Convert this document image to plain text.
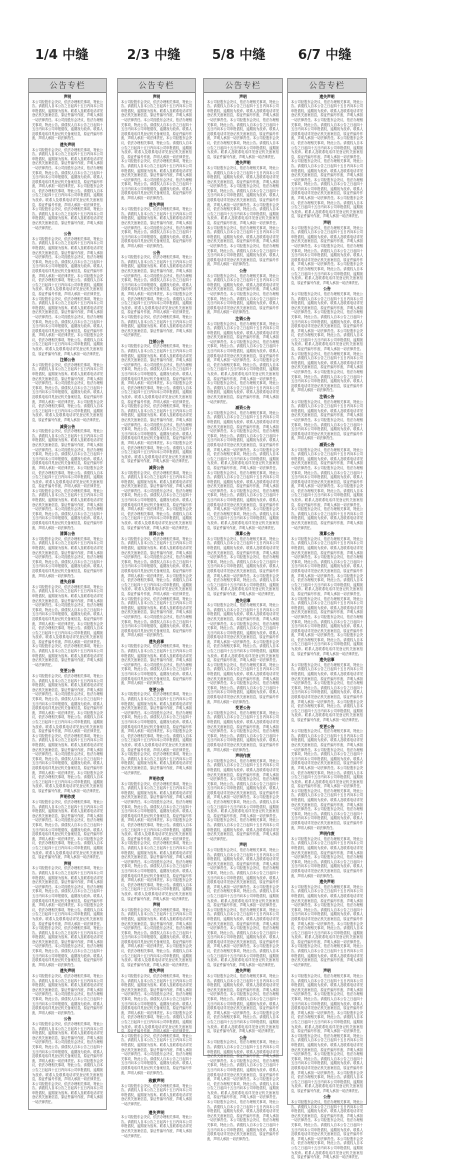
1/4 中缝	2/3 中缝 5/8 中缝	6/7 中缝
公告专栏
声明
本公司经股东会决议，依法办理相关事项，特此公告。请债权人自本公告之日起四十五日内向本公司申报债权，逾期视为放弃。联系人及联系电话详见登记机关备案信息，原证件编号作废，声明人承担一切法律责任。本公司经股东会决议，依法办理相关事项，特此公告。请债权人自本公告之日起四十五日内向本公司申报债权，逾期视为放弃。联系人及联系电话详见登记机关备案信息，原证件编号作废，声明人承担一切法律责任。
遗失声明
本公司经股东会决议，依法办理相关事项，特此公告。请债权人自本公告之日起四十五日内向本公司申报债权，逾期视为放弃。联系人及联系电话详见登记机关备案信息，原证件编号作废，声明人承担一切法律责任。本公司经股东会决议，依法办理相关事项，特此公告。请债权人自本公告之日起四十五日内向本公司申报债权，逾期视为放弃。联系人及联系电话详见登记机关备案信息，原证件编号作废，声明人承担一切法律责任。本公司经股东会决议，依法办理相关事项，特此公告。请债权人自本公告之日起四十五日内向本公司申报债权，逾期视为放弃。联系人及联系电话详见登记机关备案信息，原证件编号作废，声明人承担一切法律责任。本公司经股东会决议，依法办理相关事项，特此公告。请债权人自本公告之日起四十五日内向本公司申报债权，逾期视为放弃。联系人及联系电话详见登记机关备案信息，原证件编号作废，声明人承担一切法律责任。
公告
本公司经股东会决议，依法办理相关事项，特此公告。请债权人自本公告之日起四十五日内向本公司申报债权，逾期视为放弃。联系人及联系电话详见登记机关备案信息，原证件编号作废，声明人承担一切法律责任。本公司经股东会决议，依法办理相关事项，特此公告。请债权人自本公告之日起四十五日内向本公司申报债权，逾期视为放弃。联系人及联系电话详见登记机关备案信息，原证件编号作废，声明人承担一切法律责任。本公司经股东会决议，依法办理相关事项，特此公告。请债权人自本公告之日起四十五日内向本公司申报债权，逾期视为放弃。联系人及联系电话详见登记机关备案信息，原证件编号作废，声明人承担一切法律责任。本公司经股东会决议，依法办理相关事项，特此公告。请债权人自本公告之日起四十五日内向本公司申报债权，逾期视为放弃。联系人及联系电话详见登记机关备案信息，原证件编号作废，声明人承担一切法律责任。本公司经股东会决议，依法办理相关事项，特此公告。请债权人自本公告之日起四十五日内向本公司申报债权，逾期视为放弃。联系人及联系电话详见登记机关备案信息，原证件编号作废，声明人承担一切法律责任。本公司经股东会决议，依法办理相关事项，特此公告。请债权人自本公告之日起四十五日内向本公司申报债权，逾期视为放弃。联系人及联系电话详见登记机关备案信息，原证件编号作废，声明人承担一切法律责任。
注销公告
本公司经股东会决议，依法办理相关事项，特此公告。请债权人自本公告之日起四十五日内向本公司申报债权，逾期视为放弃。联系人及联系电话详见登记机关备案信息，原证件编号作废，声明人承担一切法律责任。本公司经股东会决议，依法办理相关事项，特此公告。请债权人自本公告之日起四十五日内向本公司申报债权，逾期视为放弃。联系人及联系电话详见登记机关备案信息，原证件编号作废，声明人承担一切法律责任。本公司经股东会决议，依法办理相关事项，特此公告。请债权人自本公告之日起四十五日内向本公司申报债权，逾期视为放弃。联系人及联系电话详见登记机关备案信息，原证件编号作废，声明人承担一切法律责任。
减资公告
本公司经股东会决议，依法办理相关事项，特此公告。请债权人自本公告之日起四十五日内向本公司申报债权，逾期视为放弃。联系人及联系电话详见登记机关备案信息，原证件编号作废，声明人承担一切法律责任。本公司经股东会决议，依法办理相关事项，特此公告。请债权人自本公告之日起四十五日内向本公司申报债权，逾期视为放弃。联系人及联系电话详见登记机关备案信息，原证件编号作废，声明人承担一切法律责任。本公司经股东会决议，依法办理相关事项，特此公告。请债权人自本公告之日起四十五日内向本公司申报债权，逾期视为放弃。联系人及联系电话详见登记机关备案信息，原证件编号作废，声明人承担一切法律责任。本公司经股东会决议，依法办理相关事项，特此公告。请债权人自本公告之日起四十五日内向本公司申报债权，逾期视为放弃。联系人及联系电话详见登记机关备案信息，原证件编号作废，声明人承担一切法律责任。本公司经股东会决议，依法办理相关事项，特此公告。请债权人自本公告之日起四十五日内向本公司申报债权，逾期视为放弃。联系人及联系电话详见登记机关备案信息，原证件编号作废，声明人承担一切法律责任。
清算公告
本公司经股东会决议，依法办理相关事项，特此公告。请债权人自本公告之日起四十五日内向本公司申报债权，逾期视为放弃。联系人及联系电话详见登记机关备案信息，原证件编号作废，声明人承担一切法律责任。本公司经股东会决议，依法办理相关事项，特此公告。请债权人自本公告之日起四十五日内向本公司申报债权，逾期视为放弃。联系人及联系电话详见登记机关备案信息，原证件编号作废，声明人承担一切法律责任。
遗失启事
本公司经股东会决议，依法办理相关事项，特此公告。请债权人自本公告之日起四十五日内向本公司申报债权，逾期视为放弃。联系人及联系电话详见登记机关备案信息，原证件编号作废，声明人承担一切法律责任。本公司经股东会决议，依法办理相关事项，特此公告。请债权人自本公告之日起四十五日内向本公司申报债权，逾期视为放弃。联系人及联系电话详见登记机关备案信息，原证件编号作废，声明人承担一切法律责任。本公司经股东会决议，依法办理相关事项，特此公告。请债权人自本公告之日起四十五日内向本公司申报债权，逾期视为放弃。联系人及联系电话详见登记机关备案信息，原证件编号作废，声明人承担一切法律责任。本公司经股东会决议，依法办理相关事项，特此公告。请债权人自本公告之日起四十五日内向本公司申报债权，逾期视为放弃。联系人及联系电话详见登记机关备案信息，原证件编号作废，声明人承担一切法律责任。
变更公告
本公司经股东会决议，依法办理相关事项，特此公告。请债权人自本公告之日起四十五日内向本公司申报债权，逾期视为放弃。联系人及联系电话详见登记机关备案信息，原证件编号作废，声明人承担一切法律责任。本公司经股东会决议，依法办理相关事项，特此公告。请债权人自本公告之日起四十五日内向本公司申报债权，逾期视为放弃。联系人及联系电话详见登记机关备案信息，原证件编号作废，声明人承担一切法律责任。本公司经股东会决议，依法办理相关事项，特此公告。请债权人自本公告之日起四十五日内向本公司申报债权，逾期视为放弃。联系人及联系电话详见登记机关备案信息，原证件编号作废，声明人承担一切法律责任。本公司经股东会决议，依法办理相关事项，特此公告。请债权人自本公告之日起四十五日内向本公司申报债权，逾期视为放弃。联系人及联系电话详见登记机关备案信息，原证件编号作废，声明人承担一切法律责任。本公司经股东会决议，依法办理相关事项，特此公告。请债权人自本公告之日起四十五日内向本公司申报债权，逾期视为放弃。联系人及联系电话详见登记机关备案信息，原证件编号作废，声明人承担一切法律责任。本公司经股东会决议，依法办理相关事项，特此公告。请债权人自本公告之日起四十五日内向本公司申报债权，逾期视为放弃。联系人及联系电话详见登记机关备案信息，原证件编号作废，声明人承担一切法律责任。
声明作废
本公司经股东会决议，依法办理相关事项，特此公告。请债权人自本公告之日起四十五日内向本公司申报债权，逾期视为放弃。联系人及联系电话详见登记机关备案信息，原证件编号作废，声明人承担一切法律责任。本公司经股东会决议，依法办理相关事项，特此公告。请债权人自本公告之日起四十五日内向本公司申报债权，逾期视为放弃。联系人及联系电话详见登记机关备案信息，原证件编号作废，声明人承担一切法律责任。本公司经股东会决议，依法办理相关事项，特此公告。请债权人自本公告之日起四十五日内向本公司申报债权，逾期视为放弃。联系人及联系电话详见登记机关备案信息，原证件编号作废，声明人承担一切法律责任。
声明
本公司经股东会决议，依法办理相关事项，特此公告。请债权人自本公告之日起四十五日内向本公司申报债权，逾期视为放弃。联系人及联系电话详见登记机关备案信息，原证件编号作废，声明人承担一切法律责任。本公司经股东会决议，依法办理相关事项，特此公告。请债权人自本公告之日起四十五日内向本公司申报债权，逾期视为放弃。联系人及联系电话详见登记机关备案信息，原证件编号作废，声明人承担一切法律责任。本公司经股东会决议，依法办理相关事项，特此公告。请债权人自本公告之日起四十五日内向本公司申报债权，逾期视为放弃。联系人及联系电话详见登记机关备案信息，原证件编号作废，声明人承担一切法律责任。本公司经股东会决议，依法办理相关事项，特此公告。请债权人自本公告之日起四十五日内向本公司申报债权，逾期视为放弃。联系人及联系电话详见登记机关备案信息，原证件编号作废，声明人承担一切法律责任。本公司经股东会决议，依法办理相关事项，特此公告。请债权人自本公告之日起四十五日内向本公司申报债权，逾期视为放弃。联系人及联系电话详见登记机关备案信息，原证件编号作废，声明人承担一切法律责任。
遗失声明
本公司经股东会决议，依法办理相关事项，特此公告。请债权人自本公告之日起四十五日内向本公司申报债权，逾期视为放弃。联系人及联系电话详见登记机关备案信息，原证件编号作废，声明人承担一切法律责任。本公司经股东会决议，依法办理相关事项，特此公告。请债权人自本公告之日起四十五日内向本公司申报债权，逾期视为放弃。联系人及联系电话详见登记机关备案信息，原证件编号作废，声明人承担一切法律责任。
公告
本公司经股东会决议，依法办理相关事项，特此公告。请债权人自本公告之日起四十五日内向本公司申报债权，逾期视为放弃。联系人及联系电话详见登记机关备案信息，原证件编号作废，声明人承担一切法律责任。本公司经股东会决议，依法办理相关事项，特此公告。请债权人自本公告之日起四十五日内向本公司申报债权，逾期视为放弃。联系人及联系电话详见登记机关备案信息，原证件编号作废，声明人承担一切法律责任。本公司经股东会决议，依法办理相关事项，特此公告。请债权人自本公告之日起四十五日内向本公司申报债权，逾期视为放弃。联系人及联系电话详见登记机关备案信息，原证件编号作废，声明人承担一切法律责任。本公司经股东会决议，依法办理相关事项，特此公告。请债权人自本公告之日起四十五日内向本公司申报债权，逾期视为放弃。联系人及联系电话详见登记机关备案信息，原证件编号作废，声明人承担一切法律责任。
公告专栏
声明
本公司经股东会决议，依法办理相关事项，特此公告。请债权人自本公告之日起四十五日内向本公司申报债权，逾期视为放弃。联系人及联系电话详见登记机关备案信息，原证件编号作废，声明人承担一切法律责任。本公司经股东会决议，依法办理相关事项，特此公告。请债权人自本公告之日起四十五日内向本公司申报债权，逾期视为放弃。联系人及联系电话详见登记机关备案信息，原证件编号作废，声明人承担一切法律责任。本公司经股东会决议，依法办理相关事项，特此公告。请债权人自本公告之日起四十五日内向本公司申报债权，逾期视为放弃。联系人及联系电话详见登记机关备案信息，原证件编号作废，声明人承担一切法律责任。本公司经股东会决议，依法办理相关事项，特此公告。请债权人自本公告之日起四十五日内向本公司申报债权，逾期视为放弃。联系人及联系电话详见登记机关备案信息，原证件编号作废，声明人承担一切法律责任。本公司经股东会决议，依法办理相关事项，特此公告。请债权人自本公告之日起四十五日内向本公司申报债权，逾期视为放弃。联系人及联系电话详见登记机关备案信息，原证件编号作废，声明人承担一切法律责任。
遗失声明
本公司经股东会决议，依法办理相关事项，特此公告。请债权人自本公告之日起四十五日内向本公司申报债权，逾期视为放弃。联系人及联系电话详见登记机关备案信息，原证件编号作废，声明人承担一切法律责任。本公司经股东会决议，依法办理相关事项，特此公告。请债权人自本公告之日起四十五日内向本公司申报债权，逾期视为放弃。联系人及联系电话详见登记机关备案信息，原证件编号作废，声明人承担一切法律责任。
公告
本公司经股东会决议，依法办理相关事项，特此公告。请债权人自本公告之日起四十五日内向本公司申报债权，逾期视为放弃。联系人及联系电话详见登记机关备案信息，原证件编号作废，声明人承担一切法律责任。本公司经股东会决议，依法办理相关事项，特此公告。请债权人自本公告之日起四十五日内向本公司申报债权，逾期视为放弃。联系人及联系电话详见登记机关备案信息，原证件编号作废，声明人承担一切法律责任。本公司经股东会决议，依法办理相关事项，特此公告。请债权人自本公告之日起四十五日内向本公司申报债权，逾期视为放弃。联系人及联系电话详见登记机关备案信息，原证件编号作废，声明人承担一切法律责任。本公司经股东会决议，依法办理相关事项，特此公告。请债权人自本公告之日起四十五日内向本公司申报债权，逾期视为放弃。联系人及联系电话详见登记机关备案信息，原证件编号作废，声明人承担一切法律责任。
注销公告
本公司经股东会决议，依法办理相关事项，特此公告。请债权人自本公告之日起四十五日内向本公司申报债权，逾期视为放弃。联系人及联系电话详见登记机关备案信息，原证件编号作废，声明人承担一切法律责任。本公司经股东会决议，依法办理相关事项，特此公告。请债权人自本公告之日起四十五日内向本公司申报债权，逾期视为放弃。联系人及联系电话详见登记机关备案信息，原证件编号作废，声明人承担一切法律责任。本公司经股东会决议，依法办理相关事项，特此公告。请债权人自本公告之日起四十五日内向本公司申报债权，逾期视为放弃。联系人及联系电话详见登记机关备案信息，原证件编号作废，声明人承担一切法律责任。本公司经股东会决议，依法办理相关事项，特此公告。请债权人自本公告之日起四十五日内向本公司申报债权，逾期视为放弃。联系人及联系电话详见登记机关备案信息，原证件编号作废，声明人承担一切法律责任。本公司经股东会决议，依法办理相关事项，特此公告。请债权人自本公告之日起四十五日内向本公司申报债权，逾期视为放弃。联系人及联系电话详见登记机关备案信息，原证件编号作废，声明人承担一切法律责任。本公司经股东会决议，依法办理相关事项，特此公告。请债权人自本公告之日起四十五日内向本公司申报债权，逾期视为放弃。联系人及联系电话详见登记机关备案信息，原证件编号作废，声明人承担一切法律责任。
减资公告
本公司经股东会决议，依法办理相关事项，特此公告。请债权人自本公告之日起四十五日内向本公司申报债权，逾期视为放弃。联系人及联系电话详见登记机关备案信息，原证件编号作废，声明人承担一切法律责任。本公司经股东会决议，依法办理相关事项，特此公告。请债权人自本公告之日起四十五日内向本公司申报债权，逾期视为放弃。联系人及联系电话详见登记机关备案信息，原证件编号作废，声明人承担一切法律责任。本公司经股东会决议，依法办理相关事项，特此公告。请债权人自本公告之日起四十五日内向本公司申报债权，逾期视为放弃。联系人及联系电话详见登记机关备案信息，原证件编号作废，声明人承担一切法律责任。
清算公告
本公司经股东会决议，依法办理相关事项，特此公告。请债权人自本公告之日起四十五日内向本公司申报债权，逾期视为放弃。联系人及联系电话详见登记机关备案信息，原证件编号作废，声明人承担一切法律责任。本公司经股东会决议，依法办理相关事项，特此公告。请债权人自本公告之日起四十五日内向本公司申报债权，逾期视为放弃。联系人及联系电话详见登记机关备案信息，原证件编号作废，声明人承担一切法律责任。本公司经股东会决议，依法办理相关事项，特此公告。请债权人自本公告之日起四十五日内向本公司申报债权，逾期视为放弃。联系人及联系电话详见登记机关备案信息，原证件编号作废，声明人承担一切法律责任。本公司经股东会决议，依法办理相关事项，特此公告。请债权人自本公告之日起四十五日内向本公司申报债权，逾期视为放弃。联系人及联系电话详见登记机关备案信息，原证件编号作废，声明人承担一切法律责任。本公司经股东会决议，依法办理相关事项，特此公告。请债权人自本公告之日起四十五日内向本公司申报债权，逾期视为放弃。联系人及联系电话详见登记机关备案信息，原证件编号作废，声明人承担一切法律责任。
遗失启事
本公司经股东会决议，依法办理相关事项，特此公告。请债权人自本公告之日起四十五日内向本公司申报债权，逾期视为放弃。联系人及联系电话详见登记机关备案信息，原证件编号作废，声明人承担一切法律责任。本公司经股东会决议，依法办理相关事项，特此公告。请债权人自本公告之日起四十五日内向本公司申报债权，逾期视为放弃。联系人及联系电话详见登记机关备案信息，原证件编号作废，声明人承担一切法律责任。
变更公告
本公司经股东会决议，依法办理相关事项，特此公告。请债权人自本公告之日起四十五日内向本公司申报债权，逾期视为放弃。联系人及联系电话详见登记机关备案信息，原证件编号作废，声明人承担一切法律责任。本公司经股东会决议，依法办理相关事项，特此公告。请债权人自本公告之日起四十五日内向本公司申报债权，逾期视为放弃。联系人及联系电话详见登记机关备案信息，原证件编号作废，声明人承担一切法律责任。本公司经股东会决议，依法办理相关事项，特此公告。请债权人自本公告之日起四十五日内向本公司申报债权，逾期视为放弃。联系人及联系电话详见登记机关备案信息，原证件编号作废，声明人承担一切法律责任。本公司经股东会决议，依法办理相关事项，特此公告。请债权人自本公告之日起四十五日内向本公司申报债权，逾期视为放弃。联系人及联系电话详见登记机关备案信息，原证件编号作废，声明人承担一切法律责任。
声明作废
本公司经股东会决议，依法办理相关事项，特此公告。请债权人自本公告之日起四十五日内向本公司申报债权，逾期视为放弃。联系人及联系电话详见登记机关备案信息，原证件编号作废，声明人承担一切法律责任。本公司经股东会决议，依法办理相关事项，特此公告。请债权人自本公告之日起四十五日内向本公司申报债权，逾期视为放弃。联系人及联系电话详见登记机关备案信息，原证件编号作废，声明人承担一切法律责任。本公司经股东会决议，依法办理相关事项，特此公告。请债权人自本公告之日起四十五日内向本公司申报债权，逾期视为放弃。联系人及联系电话详见登记机关备案信息，原证件编号作废，声明人承担一切法律责任。本公司经股东会决议，依法办理相关事项，特此公告。请债权人自本公告之日起四十五日内向本公司申报债权，逾期视为放弃。联系人及联系电话详见登记机关备案信息，原证件编号作废，声明人承担一切法律责任。本公司经股东会决议，依法办理相关事项，特此公告。请债权人自本公告之日起四十五日内向本公司申报债权，逾期视为放弃。联系人及联系电话详见登记机关备案信息，原证件编号作废，声明人承担一切法律责任。本公司经股东会决议，依法办理相关事项，特此公告。请债权人自本公告之日起四十五日内向本公司申报债权，逾期视为放弃。联系人及联系电话详见登记机关备案信息，原证件编号作废，声明人承担一切法律责任。
声明
本公司经股东会决议，依法办理相关事项，特此公告。请债权人自本公告之日起四十五日内向本公司申报债权，逾期视为放弃。联系人及联系电话详见登记机关备案信息，原证件编号作废，声明人承担一切法律责任。本公司经股东会决议，依法办理相关事项，特此公告。请债权人自本公告之日起四十五日内向本公司申报债权，逾期视为放弃。联系人及联系电话详见登记机关备案信息，原证件编号作废，声明人承担一切法律责任。本公司经股东会决议，依法办理相关事项，特此公告。请债权人自本公告之日起四十五日内向本公司申报债权，逾期视为放弃。联系人及联系电话详见登记机关备案信息，原证件编号作废，声明人承担一切法律责任。
遗失声明
本公司经股东会决议，依法办理相关事项，特此公告。请债权人自本公告之日起四十五日内向本公司申报债权，逾期视为放弃。联系人及联系电话详见登记机关备案信息，原证件编号作废，声明人承担一切法律责任。本公司经股东会决议，依法办理相关事项，特此公告。请债权人自本公告之日起四十五日内向本公司申报债权，逾期视为放弃。联系人及联系电话详见登记机关备案信息，原证件编号作废，声明人承担一切法律责任。本公司经股东会决议，依法办理相关事项，特此公告。请债权人自本公告之日起四十五日内向本公司申报债权，逾期视为放弃。联系人及联系电话详见登记机关备案信息，原证件编号作废，声明人承担一切法律责任。本公司经股东会决议，依法办理相关事项，特此公告。请债权人自本公告之日起四十五日内向本公司申报债权，逾期视为放弃。联系人及联系电话详见登记机关备案信息，原证件编号作废，声明人承担一切法律责任。本公司经股东会决议，依法办理相关事项，特此公告。请债权人自本公告之日起四十五日内向本公司申报债权，逾期视为放弃。联系人及联系电话详见登记机关备案信息，原证件编号作废，声明人承担一切法律责任。
致歉声明
本公司经股东会决议，依法办理相关事项，特此公告。请债权人自本公告之日起四十五日内向本公司申报债权，逾期视为放弃。联系人及联系电话详见登记机关备案信息，原证件编号作废，声明人承担一切法律责任。
遗失声明
本公司经股东会决议，依法办理相关事项，特此公告。请债权人自本公告之日起四十五日内向本公司申报债权，逾期视为放弃。联系人及联系电话详见登记机关备案信息，原证件编号作废，声明人承担一切法律责任。
公告专栏
声明
本公司经股东会决议，依法办理相关事项，特此公告。请债权人自本公告之日起四十五日内向本公司申报债权，逾期视为放弃。联系人及联系电话详见登记机关备案信息，原证件编号作废，声明人承担一切法律责任。本公司经股东会决议，依法办理相关事项，特此公告。请债权人自本公告之日起四十五日内向本公司申报债权，逾期视为放弃。联系人及联系电话详见登记机关备案信息，原证件编号作废，声明人承担一切法律责任。本公司经股东会决议，依法办理相关事项，特此公告。请债权人自本公告之日起四十五日内向本公司申报债权，逾期视为放弃。联系人及联系电话详见登记机关备案信息，原证件编号作废，声明人承担一切法律责任。
遗失声明
本公司经股东会决议，依法办理相关事项，特此公告。请债权人自本公告之日起四十五日内向本公司申报债权，逾期视为放弃。联系人及联系电话详见登记机关备案信息，原证件编号作废，声明人承担一切法律责任。本公司经股东会决议，依法办理相关事项，特此公告。请债权人自本公告之日起四十五日内向本公司申报债权，逾期视为放弃。联系人及联系电话详见登记机关备案信息，原证件编号作废，声明人承担一切法律责任。本公司经股东会决议，依法办理相关事项，特此公告。请债权人自本公告之日起四十五日内向本公司申报债权，逾期视为放弃。联系人及联系电话详见登记机关备案信息，原证件编号作废，声明人承担一切法律责任。本公司经股东会决议，依法办理相关事项，特此公告。请债权人自本公告之日起四十五日内向本公司申报债权，逾期视为放弃。联系人及联系电话详见登记机关备案信息，原证件编号作废，声明人承担一切法律责任。本公司经股东会决议，依法办理相关事项，特此公告。请债权人自本公告之日起四十五日内向本公司申报债权，逾期视为放弃。联系人及联系电话详见登记机关备案信息，原证件编号作废，声明人承担一切法律责任。
公告
本公司经股东会决议，依法办理相关事项，特此公告。请债权人自本公告之日起四十五日内向本公司申报债权，逾期视为放弃。联系人及联系电话详见登记机关备案信息，原证件编号作废，声明人承担一切法律责任。本公司经股东会决议，依法办理相关事项，特此公告。请债权人自本公告之日起四十五日内向本公司申报债权，逾期视为放弃。联系人及联系电话详见登记机关备案信息，原证件编号作废，声明人承担一切法律责任。
注销公告
本公司经股东会决议，依法办理相关事项，特此公告。请债权人自本公告之日起四十五日内向本公司申报债权，逾期视为放弃。联系人及联系电话详见登记机关备案信息，原证件编号作废，声明人承担一切法律责任。本公司经股东会决议，依法办理相关事项，特此公告。请债权人自本公告之日起四十五日内向本公司申报债权，逾期视为放弃。联系人及联系电话详见登记机关备案信息，原证件编号作废，声明人承担一切法律责任。本公司经股东会决议，依法办理相关事项，特此公告。请债权人自本公告之日起四十五日内向本公司申报债权，逾期视为放弃。联系人及联系电话详见登记机关备案信息，原证件编号作废，声明人承担一切法律责任。本公司经股东会决议，依法办理相关事项，特此公告。请债权人自本公告之日起四十五日内向本公司申报债权，逾期视为放弃。联系人及联系电话详见登记机关备案信息，原证件编号作废，声明人承担一切法律责任。
减资公告
本公司经股东会决议，依法办理相关事项，特此公告。请债权人自本公告之日起四十五日内向本公司申报债权，逾期视为放弃。联系人及联系电话详见登记机关备案信息，原证件编号作废，声明人承担一切法律责任。本公司经股东会决议，依法办理相关事项，特此公告。请债权人自本公告之日起四十五日内向本公司申报债权，逾期视为放弃。联系人及联系电话详见登记机关备案信息，原证件编号作废，声明人承担一切法律责任。本公司经股东会决议，依法办理相关事项，特此公告。请债权人自本公告之日起四十五日内向本公司申报债权，逾期视为放弃。联系人及联系电话详见登记机关备案信息，原证件编号作废，声明人承担一切法律责任。本公司经股东会决议，依法办理相关事项，特此公告。请债权人自本公告之日起四十五日内向本公司申报债权，逾期视为放弃。联系人及联系电话详见登记机关备案信息，原证件编号作废，声明人承担一切法律责任。本公司经股东会决议，依法办理相关事项，特此公告。请债权人自本公告之日起四十五日内向本公司申报债权，逾期视为放弃。联系人及联系电话详见登记机关备案信息，原证件编号作废，声明人承担一切法律责任。本公司经股东会决议，依法办理相关事项，特此公告。请债权人自本公告之日起四十五日内向本公司申报债权，逾期视为放弃。联系人及联系电话详见登记机关备案信息，原证件编号作废，声明人承担一切法律责任。
清算公告
本公司经股东会决议，依法办理相关事项，特此公告。请债权人自本公告之日起四十五日内向本公司申报债权，逾期视为放弃。联系人及联系电话详见登记机关备案信息，原证件编号作废，声明人承担一切法律责任。本公司经股东会决议，依法办理相关事项，特此公告。请债权人自本公告之日起四十五日内向本公司申报债权，逾期视为放弃。联系人及联系电话详见登记机关备案信息，原证件编号作废，声明人承担一切法律责任。本公司经股东会决议，依法办理相关事项，特此公告。请债权人自本公告之日起四十五日内向本公司申报债权，逾期视为放弃。联系人及联系电话详见登记机关备案信息，原证件编号作废，声明人承担一切法律责任。
遗失启事
本公司经股东会决议，依法办理相关事项，特此公告。请债权人自本公告之日起四十五日内向本公司申报债权，逾期视为放弃。联系人及联系电话详见登记机关备案信息，原证件编号作废，声明人承担一切法律责任。本公司经股东会决议，依法办理相关事项，特此公告。请债权人自本公告之日起四十五日内向本公司申报债权，逾期视为放弃。联系人及联系电话详见登记机关备案信息，原证件编号作废，声明人承担一切法律责任。本公司经股东会决议，依法办理相关事项，特此公告。请债权人自本公告之日起四十五日内向本公司申报债权，逾期视为放弃。联系人及联系电话详见登记机关备案信息，原证件编号作废，声明人承担一切法律责任。本公司经股东会决议，依法办理相关事项，特此公告。请债权人自本公告之日起四十五日内向本公司申报债权，逾期视为放弃。联系人及联系电话详见登记机关备案信息，原证件编号作废，声明人承担一切法律责任。本公司经股东会决议，依法办理相关事项，特此公告。请债权人自本公告之日起四十五日内向本公司申报债权，逾期视为放弃。联系人及联系电话详见登记机关备案信息，原证件编号作废，声明人承担一切法律责任。
变更公告
本公司经股东会决议，依法办理相关事项，特此公告。请债权人自本公告之日起四十五日内向本公司申报债权，逾期视为放弃。联系人及联系电话详见登记机关备案信息，原证件编号作废，声明人承担一切法律责任。本公司经股东会决议，依法办理相关事项，特此公告。请债权人自本公告之日起四十五日内向本公司申报债权，逾期视为放弃。联系人及联系电话详见登记机关备案信息，原证件编号作废，声明人承担一切法律责任。
声明作废
本公司经股东会决议，依法办理相关事项，特此公告。请债权人自本公告之日起四十五日内向本公司申报债权，逾期视为放弃。联系人及联系电话详见登记机关备案信息，原证件编号作废，声明人承担一切法律责任。本公司经股东会决议，依法办理相关事项，特此公告。请债权人自本公告之日起四十五日内向本公司申报债权，逾期视为放弃。联系人及联系电话详见登记机关备案信息，原证件编号作废，声明人承担一切法律责任。本公司经股东会决议，依法办理相关事项，特此公告。请债权人自本公告之日起四十五日内向本公司申报债权，逾期视为放弃。联系人及联系电话详见登记机关备案信息，原证件编号作废，声明人承担一切法律责任。本公司经股东会决议，依法办理相关事项，特此公告。请债权人自本公告之日起四十五日内向本公司申报债权，逾期视为放弃。联系人及联系电话详见登记机关备案信息，原证件编号作废，声明人承担一切法律责任。
声明
本公司经股东会决议，依法办理相关事项，特此公告。请债权人自本公告之日起四十五日内向本公司申报债权，逾期视为放弃。联系人及联系电话详见登记机关备案信息，原证件编号作废，声明人承担一切法律责任。本公司经股东会决议，依法办理相关事项，特此公告。请债权人自本公告之日起四十五日内向本公司申报债权，逾期视为放弃。联系人及联系电话详见登记机关备案信息，原证件编号作废，声明人承担一切法律责任。本公司经股东会决议，依法办理相关事项，特此公告。请债权人自本公告之日起四十五日内向本公司申报债权，逾期视为放弃。联系人及联系电话详见登记机关备案信息，原证件编号作废，声明人承担一切法律责任。本公司经股东会决议，依法办理相关事项，特此公告。请债权人自本公告之日起四十五日内向本公司申报债权，逾期视为放弃。联系人及联系电话详见登记机关备案信息，原证件编号作废，声明人承担一切法律责任。本公司经股东会决议，依法办理相关事项，特此公告。请债权人自本公告之日起四十五日内向本公司申报债权，逾期视为放弃。联系人及联系电话详见登记机关备案信息，原证件编号作废，声明人承担一切法律责任。本公司经股东会决议，依法办理相关事项，特此公告。请债权人自本公告之日起四十五日内向本公司申报债权，逾期视为放弃。联系人及联系电话详见登记机关备案信息，原证件编号作废，声明人承担一切法律责任。
遗失声明
本公司经股东会决议，依法办理相关事项，特此公告。请债权人自本公告之日起四十五日内向本公司申报债权，逾期视为放弃。联系人及联系电话详见登记机关备案信息，原证件编号作废，声明人承担一切法律责任。本公司经股东会决议，依法办理相关事项，特此公告。请债权人自本公告之日起四十五日内向本公司申报债权，逾期视为放弃。联系人及联系电话详见登记机关备案信息，原证件编号作废，声明人承担一切法律责任。本公司经股东会决议，依法办理相关事项，特此公告。请债权人自本公告之日起四十五日内向本公司申报债权，逾期视为放弃。联系人及联系电话详见登记机关备案信息，原证件编号作废，声明人承担一切法律责任。
公告
本公司经股东会决议，依法办理相关事项，特此公告。请债权人自本公告之日起四十五日内向本公司申报债权，逾期视为放弃。联系人及联系电话详见登记机关备案信息，原证件编号作废，声明人承担一切法律责任。本公司经股东会决议，依法办理相关事项，特此公告。请债权人自本公告之日起四十五日内向本公司申报债权，逾期视为放弃。联系人及联系电话详见登记机关备案信息，原证件编号作废，声明人承担一切法律责任。本公司经股东会决议，依法办理相关事项，特此公告。请债权人自本公告之日起四十五日内向本公司申报债权，逾期视为放弃。联系人及联系电话详见登记机关备案信息，原证件编号作废，声明人承担一切法律责任。本公司经股东会决议，依法办理相关事项，特此公告。请债权人自本公告之日起四十五日内向本公司申报债权，逾期视为放弃。联系人及联系电话详见登记机关备案信息，原证件编号作废，声明人承担一切法律责任。本公司经股东会决议，依法办理相关事项，特此公告。请债权人自本公告之日起四十五日内向本公司申报债权，逾期视为放弃。联系人及联系电话详见登记机关备案信息，原证件编号作废，声明人承担一切法律责任。
公告专栏
遗失声明
本公司经股东会决议，依法办理相关事项，特此公告。请债权人自本公告之日起四十五日内向本公司申报债权，逾期视为放弃。联系人及联系电话详见登记机关备案信息，原证件编号作废，声明人承担一切法律责任。本公司经股东会决议，依法办理相关事项，特此公告。请债权人自本公告之日起四十五日内向本公司申报债权，逾期视为放弃。联系人及联系电话详见登记机关备案信息，原证件编号作废，声明人承担一切法律责任。本公司经股东会决议，依法办理相关事项，特此公告。请债权人自本公告之日起四十五日内向本公司申报债权，逾期视为放弃。联系人及联系电话详见登记机关备案信息，原证件编号作废，声明人承担一切法律责任。本公司经股东会决议，依法办理相关事项，特此公告。请债权人自本公告之日起四十五日内向本公司申报债权，逾期视为放弃。联系人及联系电话详见登记机关备案信息，原证件编号作废，声明人承担一切法律责任。本公司经股东会决议，依法办理相关事项，特此公告。请债权人自本公告之日起四十五日内向本公司申报债权，逾期视为放弃。联系人及联系电话详见登记机关备案信息，原证件编号作废，声明人承担一切法律责任。本公司经股东会决议，依法办理相关事项，特此公告。请债权人自本公告之日起四十五日内向本公司申报债权，逾期视为放弃。联系人及联系电话详见登记机关备案信息，原证件编号作废，声明人承担一切法律责任。
声明
本公司经股东会决议，依法办理相关事项，特此公告。请债权人自本公告之日起四十五日内向本公司申报债权，逾期视为放弃。联系人及联系电话详见登记机关备案信息，原证件编号作废，声明人承担一切法律责任。本公司经股东会决议，依法办理相关事项，特此公告。请债权人自本公告之日起四十五日内向本公司申报债权，逾期视为放弃。联系人及联系电话详见登记机关备案信息，原证件编号作废，声明人承担一切法律责任。本公司经股东会决议，依法办理相关事项，特此公告。请债权人自本公告之日起四十五日内向本公司申报债权，逾期视为放弃。联系人及联系电话详见登记机关备案信息，原证件编号作废，声明人承担一切法律责任。
公告
本公司经股东会决议，依法办理相关事项，特此公告。请债权人自本公告之日起四十五日内向本公司申报债权，逾期视为放弃。联系人及联系电话详见登记机关备案信息，原证件编号作废，声明人承担一切法律责任。本公司经股东会决议，依法办理相关事项，特此公告。请债权人自本公告之日起四十五日内向本公司申报债权，逾期视为放弃。联系人及联系电话详见登记机关备案信息，原证件编号作废，声明人承担一切法律责任。本公司经股东会决议，依法办理相关事项，特此公告。请债权人自本公告之日起四十五日内向本公司申报债权，逾期视为放弃。联系人及联系电话详见登记机关备案信息，原证件编号作废，声明人承担一切法律责任。本公司经股东会决议，依法办理相关事项，特此公告。请债权人自本公告之日起四十五日内向本公司申报债权，逾期视为放弃。联系人及联系电话详见登记机关备案信息，原证件编号作废，声明人承担一切法律责任。本公司经股东会决议，依法办理相关事项，特此公告。请债权人自本公告之日起四十五日内向本公司申报债权，逾期视为放弃。联系人及联系电话详见登记机关备案信息，原证件编号作废，声明人承担一切法律责任。
注销公告
本公司经股东会决议，依法办理相关事项，特此公告。请债权人自本公告之日起四十五日内向本公司申报债权，逾期视为放弃。联系人及联系电话详见登记机关备案信息，原证件编号作废，声明人承担一切法律责任。本公司经股东会决议，依法办理相关事项，特此公告。请债权人自本公告之日起四十五日内向本公司申报债权，逾期视为放弃。联系人及联系电话详见登记机关备案信息，原证件编号作废，声明人承担一切法律责任。
减资公告
本公司经股东会决议，依法办理相关事项，特此公告。请债权人自本公告之日起四十五日内向本公司申报债权，逾期视为放弃。联系人及联系电话详见登记机关备案信息，原证件编号作废，声明人承担一切法律责任。本公司经股东会决议，依法办理相关事项，特此公告。请债权人自本公告之日起四十五日内向本公司申报债权，逾期视为放弃。联系人及联系电话详见登记机关备案信息，原证件编号作废，声明人承担一切法律责任。本公司经股东会决议，依法办理相关事项，特此公告。请债权人自本公告之日起四十五日内向本公司申报债权，逾期视为放弃。联系人及联系电话详见登记机关备案信息，原证件编号作废，声明人承担一切法律责任。本公司经股东会决议，依法办理相关事项，特此公告。请债权人自本公告之日起四十五日内向本公司申报债权，逾期视为放弃。联系人及联系电话详见登记机关备案信息，原证件编号作废，声明人承担一切法律责任。
清算公告
本公司经股东会决议，依法办理相关事项，特此公告。请债权人自本公告之日起四十五日内向本公司申报债权，逾期视为放弃。联系人及联系电话详见登记机关备案信息，原证件编号作废，声明人承担一切法律责任。本公司经股东会决议，依法办理相关事项，特此公告。请债权人自本公告之日起四十五日内向本公司申报债权，逾期视为放弃。联系人及联系电话详见登记机关备案信息，原证件编号作废，声明人承担一切法律责任。本公司经股东会决议，依法办理相关事项，特此公告。请债权人自本公告之日起四十五日内向本公司申报债权，逾期视为放弃。联系人及联系电话详见登记机关备案信息，原证件编号作废，声明人承担一切法律责任。本公司经股东会决议，依法办理相关事项，特此公告。请债权人自本公告之日起四十五日内向本公司申报债权，逾期视为放弃。联系人及联系电话详见登记机关备案信息，原证件编号作废，声明人承担一切法律责任。本公司经股东会决议，依法办理相关事项，特此公告。请债权人自本公告之日起四十五日内向本公司申报债权，逾期视为放弃。联系人及联系电话详见登记机关备案信息，原证件编号作废，声明人承担一切法律责任。本公司经股东会决议，依法办理相关事项，特此公告。请债权人自本公告之日起四十五日内向本公司申报债权，逾期视为放弃。联系人及联系电话详见登记机关备案信息，原证件编号作废，声明人承担一切法律责任。
遗失启事
本公司经股东会决议，依法办理相关事项，特此公告。请债权人自本公告之日起四十五日内向本公司申报债权，逾期视为放弃。联系人及联系电话详见登记机关备案信息，原证件编号作废，声明人承担一切法律责任。本公司经股东会决议，依法办理相关事项，特此公告。请债权人自本公告之日起四十五日内向本公司申报债权，逾期视为放弃。联系人及联系电话详见登记机关备案信息，原证件编号作废，声明人承担一切法律责任。本公司经股东会决议，依法办理相关事项，特此公告。请债权人自本公告之日起四十五日内向本公司申报债权，逾期视为放弃。联系人及联系电话详见登记机关备案信息，原证件编号作废，声明人承担一切法律责任。
变更公告
本公司经股东会决议，依法办理相关事项，特此公告。请债权人自本公告之日起四十五日内向本公司申报债权，逾期视为放弃。联系人及联系电话详见登记机关备案信息，原证件编号作废，声明人承担一切法律责任。本公司经股东会决议，依法办理相关事项，特此公告。请债权人自本公告之日起四十五日内向本公司申报债权，逾期视为放弃。联系人及联系电话详见登记机关备案信息，原证件编号作废，声明人承担一切法律责任。本公司经股东会决议，依法办理相关事项，特此公告。请债权人自本公告之日起四十五日内向本公司申报债权，逾期视为放弃。联系人及联系电话详见登记机关备案信息，原证件编号作废，声明人承担一切法律责任。本公司经股东会决议，依法办理相关事项，特此公告。请债权人自本公告之日起四十五日内向本公司申报债权，逾期视为放弃。联系人及联系电话详见登记机关备案信息，原证件编号作废，声明人承担一切法律责任。本公司经股东会决议，依法办理相关事项，特此公告。请债权人自本公告之日起四十五日内向本公司申报债权，逾期视为放弃。联系人及联系电话详见登记机关备案信息，原证件编号作废，声明人承担一切法律责任。
声明作废
本公司经股东会决议，依法办理相关事项，特此公告。请债权人自本公告之日起四十五日内向本公司申报债权，逾期视为放弃。联系人及联系电话详见登记机关备案信息，原证件编号作废，声明人承担一切法律责任。本公司经股东会决议，依法办理相关事项，特此公告。请债权人自本公告之日起四十五日内向本公司申报债权，逾期视为放弃。联系人及联系电话详见登记机关备案信息，原证件编号作废，声明人承担一切法律责任。
遗失声明
本公司经股东会决议，依法办理相关事项，特此公告。请债权人自本公告之日起四十五日内向本公司申报债权，逾期视为放弃。联系人及联系电话详见登记机关备案信息，原证件编号作废，声明人承担一切法律责任。本公司经股东会决议，依法办理相关事项，特此公告。请债权人自本公告之日起四十五日内向本公司申报债权，逾期视为放弃。联系人及联系电话详见登记机关备案信息，原证件编号作废，声明人承担一切法律责任。本公司经股东会决议，依法办理相关事项，特此公告。请债权人自本公告之日起四十五日内向本公司申报债权，逾期视为放弃。联系人及联系电话详见登记机关备案信息，原证件编号作废，声明人承担一切法律责任。本公司经股东会决议，依法办理相关事项，特此公告。请债权人自本公告之日起四十五日内向本公司申报债权，逾期视为放弃。联系人及联系电话详见登记机关备案信息，原证件编号作废，声明人承担一切法律责任。
声明
本公司经股东会决议，依法办理相关事项，特此公告。请债权人自本公告之日起四十五日内向本公司申报债权，逾期视为放弃。联系人及联系电话详见登记机关备案信息，原证件编号作废，声明人承担一切法律责任。本公司经股东会决议，依法办理相关事项，特此公告。请债权人自本公告之日起四十五日内向本公司申报债权，逾期视为放弃。联系人及联系电话详见登记机关备案信息，原证件编号作废，声明人承担一切法律责任。本公司经股东会决议，依法办理相关事项，特此公告。请债权人自本公告之日起四十五日内向本公司申报债权，逾期视为放弃。联系人及联系电话详见登记机关备案信息，原证件编号作废，声明人承担一切法律责任。本公司经股东会决议，依法办理相关事项，特此公告。请债权人自本公告之日起四十五日内向本公司申报债权，逾期视为放弃。联系人及联系电话详见登记机关备案信息，原证件编号作废，声明人承担一切法律责任。本公司经股东会决议，依法办理相关事项，特此公告。请债权人自本公告之日起四十五日内向本公司申报债权，逾期视为放弃。联系人及联系电话详见登记机关备案信息，原证件编号作废，声明人承担一切法律责任。本公司经股东会决议，依法办理相关事项，特此公告。请债权人自本公告之日起四十五日内向本公司申报债权，逾期视为放弃。联系人及联系电话详见登记机关备案信息，原证件编号作废，声明人承担一切法律责任。
公告
本公司经股东会决议，依法办理相关事项，特此公告。请债权人自本公告之日起四十五日内向本公司申报债权，逾期视为放弃。联系人及联系电话详见登记机关备案信息，原证件编号作废，声明人承担一切法律责任。本公司经股东会决议，依法办理相关事项，特此公告。请债权人自本公告之日起四十五日内向本公司申报债权，逾期视为放弃。联系人及联系电话详见登记机关备案信息，原证件编号作废，声明人承担一切法律责任。本公司经股东会决议，依法办理相关事项，特此公告。请债权人自本公告之日起四十五日内向本公司申报债权，逾期视为放弃。联系人及联系电话详见登记机关备案信息，原证件编号作废，声明人承担一切法律责任。
